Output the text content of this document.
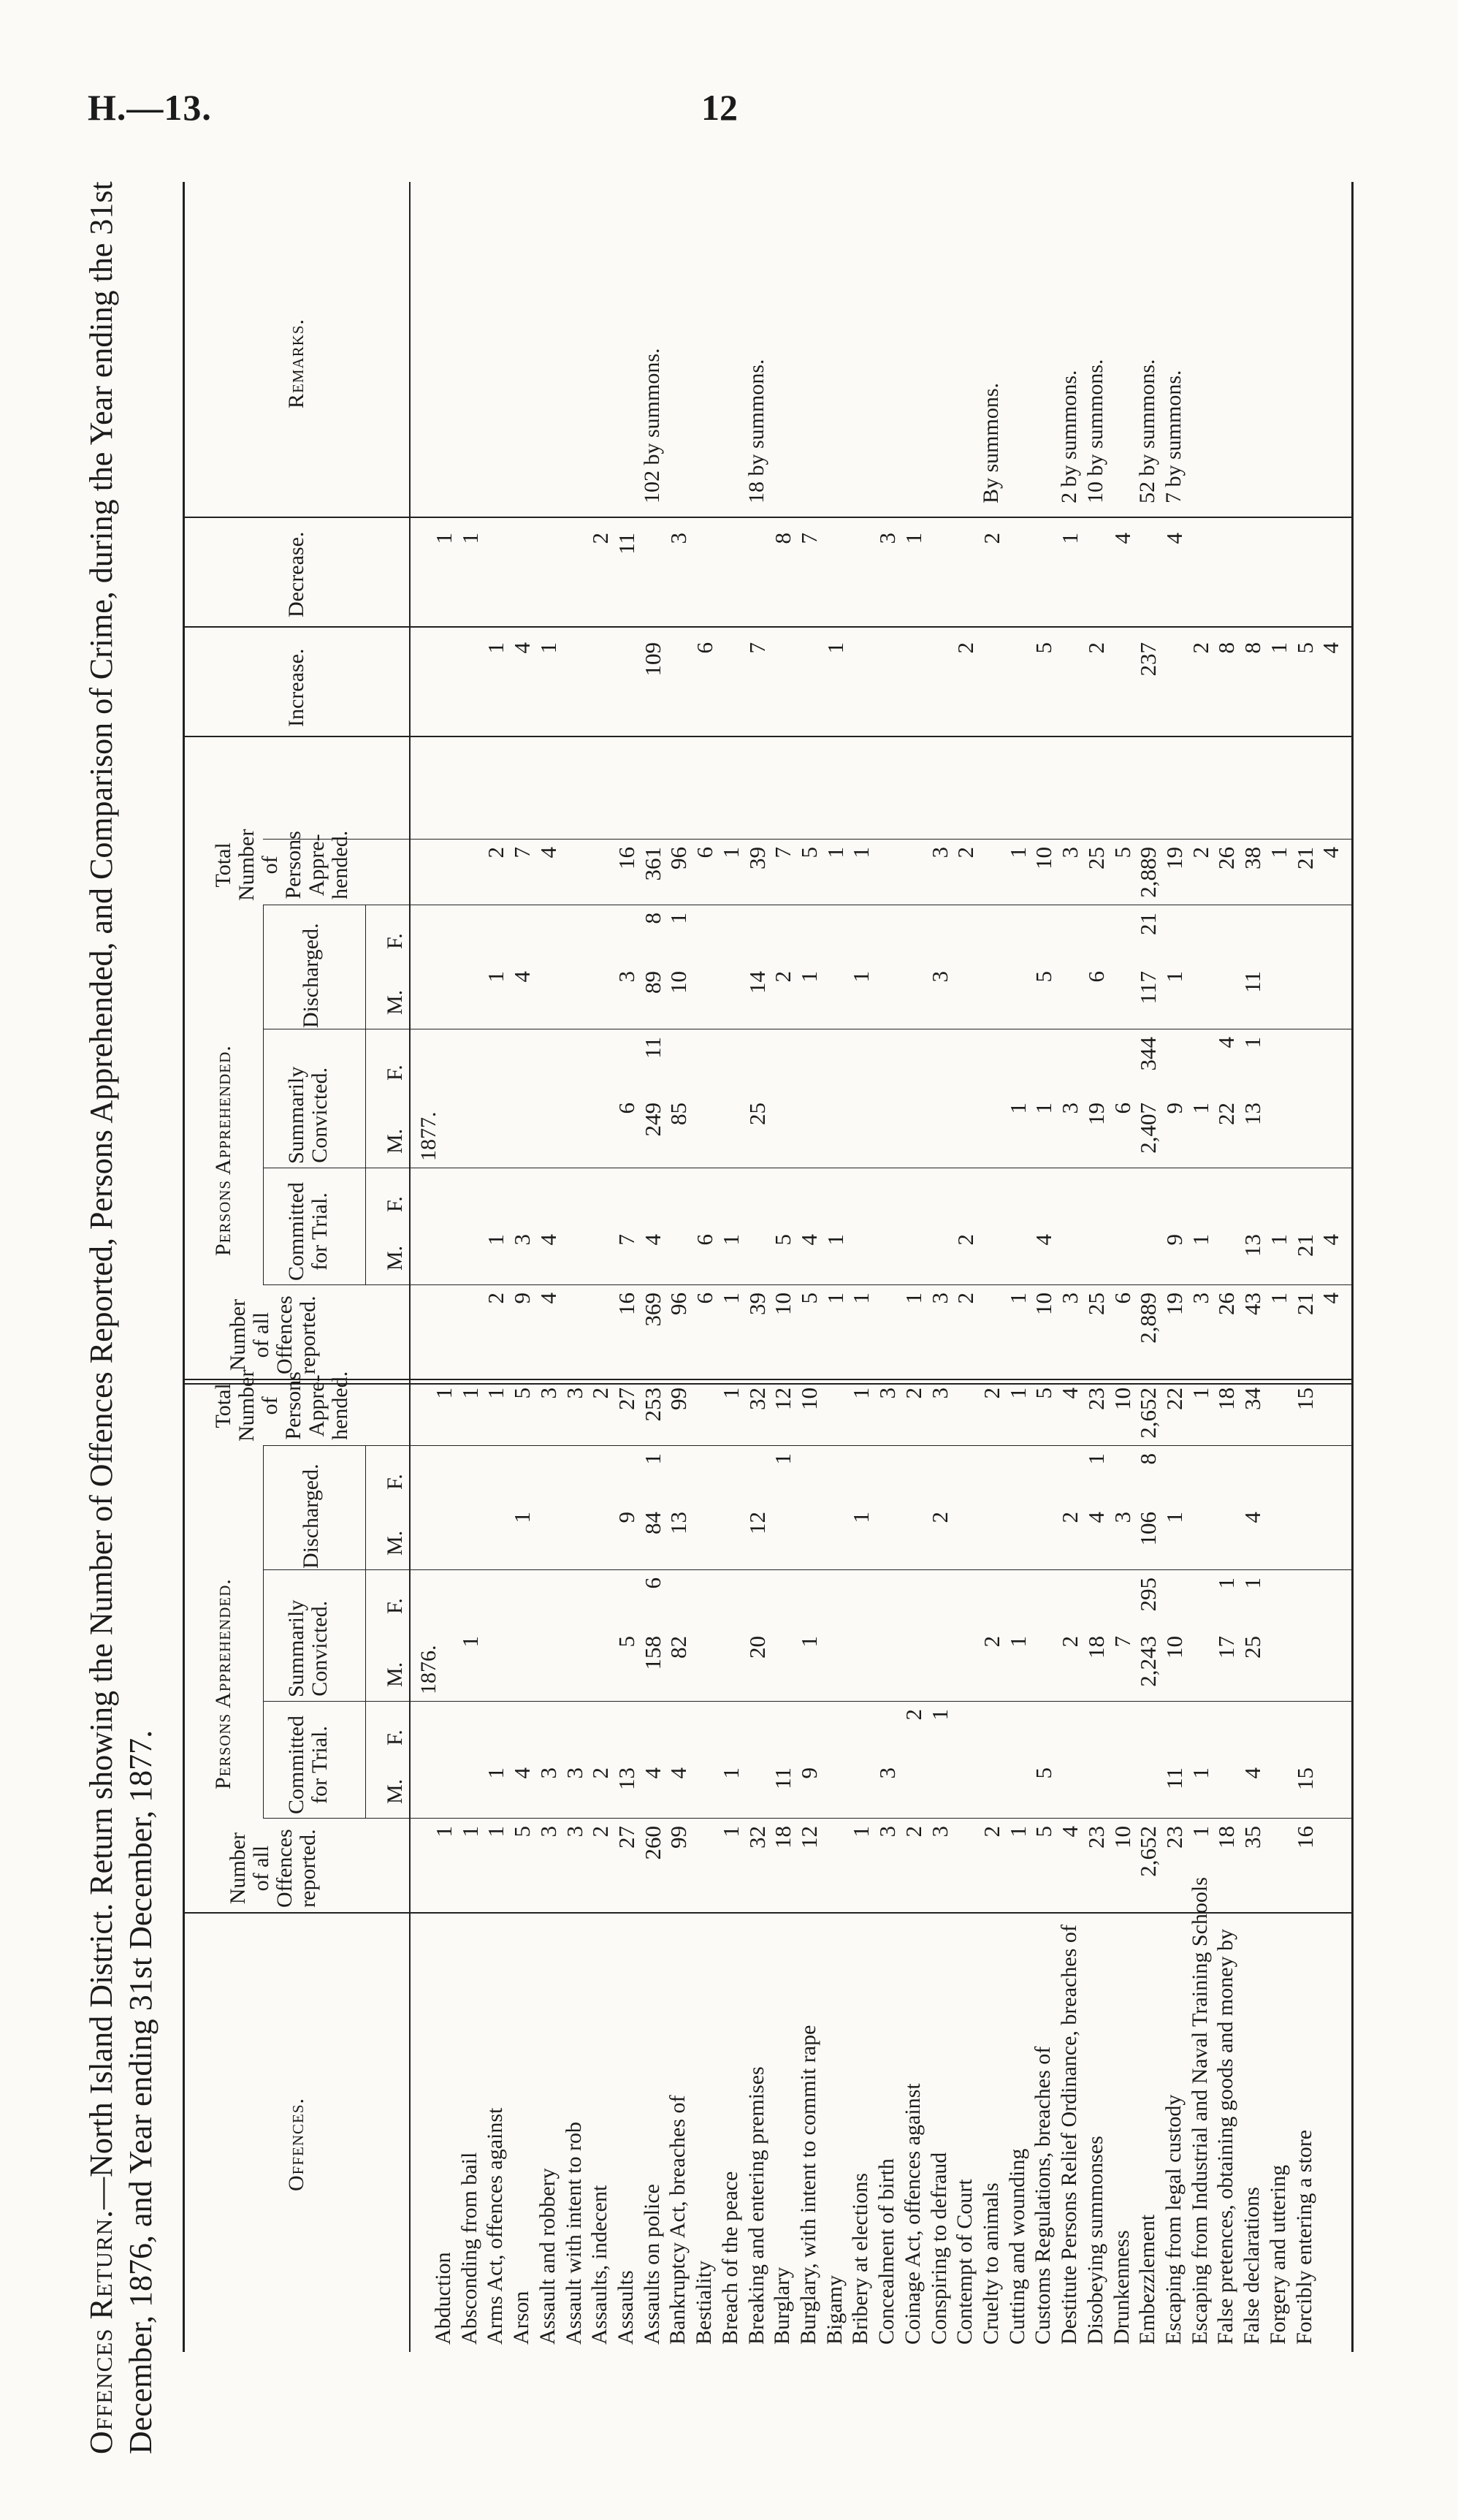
H.—13.	12
Offences Return.—North Island District. Return showing the Number of Offences Reported, Persons Apprehended, and Comparison of Crime, during the Year ending the 31st December, 1876, and Year ending 31st December, 1877.	Offences.
Number
of all
Offences
reported.
Number
of all
Offences
reported.
Persons Apprehended.
Persons Apprehended.
Committed
for Trial.
Summarily
Convicted.
Discharged.
Total
Number
of
Persons
Appre-
hended.
M.
F.
M.
F.
M.
F.
Committed
for Trial.
Summarily
Convicted.
Discharged.
Total
Number
of
Persons
Appre-
hended.
M.
F.
M.
F.
M.
F.
Increase.
Decrease.
Remarks.
1876.
1877.
Abduction
1
1
1
Absconding from bail
1
1
1
1
Arms Act, offences against
1
1
1
2
1
1
2
1
Arson
5
4
1
5
9
3
4
7
4
Assault and robbery
3
3
3
4
4
4
1
Assault with intent to rob
3
3
3
Assaults, indecent
2
2
2
2
Assaults
27
13
5
9
27
16
7
6
3
16
11
Assaults on police
260
4
158
6
84
1
253
369
4
249
11
89
8
361
109
102 by summons.
Bankruptcy Act, breaches of
99
4
82
13
99
96
85
10
1
96
3
Bestiality
6
6
6
6
Breach of the peace
1
1
1
1
1
1
Breaking and entering premises
32
20
12
32
39
25
14
39
7
18 by summons.
Burglary
18
11
1
12
10
5
2
7
8
Burglary, with intent to commit rape
12
9
1
10
5
4
1
5
7
Bigamy
1
1
1
1
Bribery at elections
1
1
1
1
1
1
Concealment of birth
3
3
3
3
Coinage Act, offences against
2
2
2
1
1
Conspiring to defraud
3
1
2
3
3
3
3
Contempt of Court
2
2
2
2
Cruelty to animals
2
2
2
2
By summons.
Cutting and wounding
1
1
1
1
1
1
Customs Regulations, breaches of
5
5
5
10
4
1
5
10
5
Destitute Persons Relief Ordinance, breaches of
4
2
2
4
3
3
3
1
2 by summons.
Disobeying summonses
23
18
4
1
23
25
19
6
25
2
10 by summons.
Drunkenness
10
7
3
10
6
6
5
4
Embezzlement
2,652
2,243
295
106
8
2,652
2,889
2,407
344
117
21
2,889
237
52 by summons.
Escaping from legal custody
23
11
10
1
22
19
9
9
1
19
4
7 by summons.
Escaping from Industrial and Naval Training Schools
1
1
1
3
1
1
2
2
False pretences, obtaining goods and money by
18
17
1
18
26
22
4
26
8
False declarations
35
4
25
1
4
34
43
13
13
1
11
38
8
Forgery and uttering
1
1
1
1
Forcibly entering a store
16
15
15
21
21
21
5
4
4
4
4
